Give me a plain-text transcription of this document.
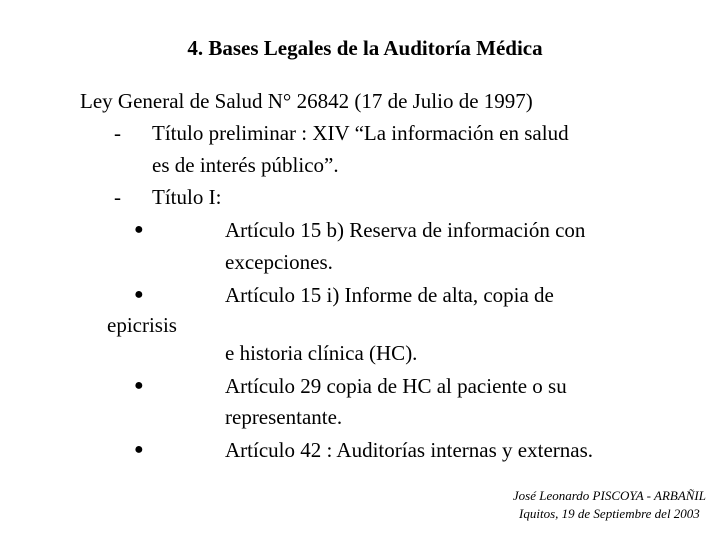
4. Bases Legales de la Auditoría Médica
Ley General de Salud N° 26842 (17 de Julio de 1997)
- Título preliminar : XIV “La información en salud
es de interés público”.
- Título I:
●	Artículo 15 b) Reserva de información con
excepciones.
●	Artículo 15 i) Informe de alta, copia de
epicrisis
e historia clínica (HC).
●	Artículo 29 copia de HC al paciente o su
representante.
●	Artículo 42 : Auditorías internas y externas.
José Leonardo PISCOYA - ARBAÑIL
Iquitos, 19 de Septiembre del 2003
